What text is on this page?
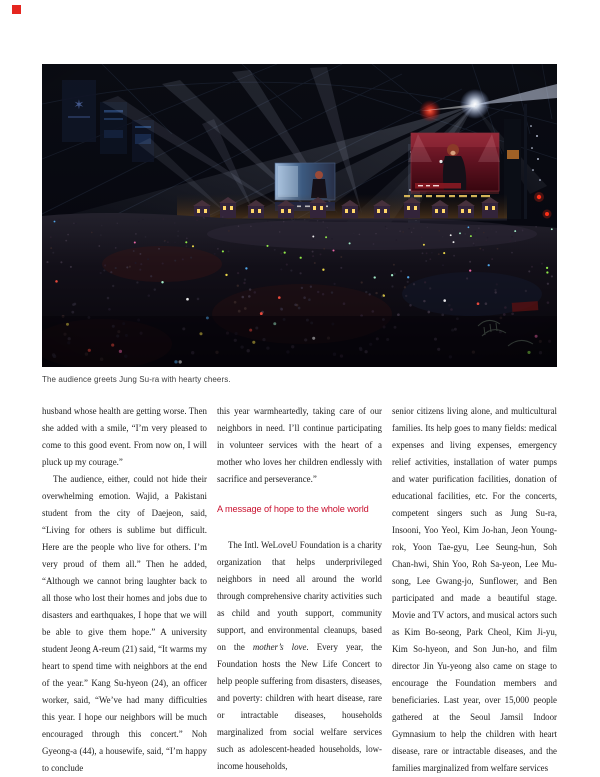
The audience greets Jung Su-ra with hearty cheers.

husband whose health are getting worse. Then she added with a smile, “I’m very pleased to come to this good event. From now on, I will pluck up my courage.”

The audience, either, could not hide their overwhelming emotion. Wajid, a Pakistani student from the city of Daejeon, said, “Living for others is sublime but difficult. Here are the people who live for others. I’m very proud of them all.” Then he added, “Although we cannot bring laughter back to all those who lost their homes and jobs due to disasters and earthquakes, I hope that we will be able to give them hope.” A university student Jeong A-reum (21) said, “It warms my heart to spend time with neighbors at the end of the year.” Kang Su-hyeon (24), an officer worker, said, “We’ve had many difficulties this year. I hope our neighbors will be much encouraged through this concert.” Noh Gyeong-a (44), a housewife, said, “I’m happy to conclude

this year warmheartedly, taking care of our neighbors in need. I’ll continue participating in volunteer services with the heart of a mother who loves her children endlessly with sacrifice and perseverance.”

A message of hope to the whole world

The Intl. WeLoveU Foundation is a charity organization that helps underprivileged neighbors in need all around the world through comprehensive charity activities such as child and youth support, community support, and environmental cleanups, based on the mother’s love. Every year, the Foundation hosts the New Life Concert to help people suffering from disasters, diseases, and poverty: children with heart disease, rare or intractable diseases, households marginalized from social welfare services such as adolescent-headed households, low-income households,

senior citizens living alone, and multicultural families. Its help goes to many fields: medical expenses and living expenses, emergency relief activities, installation of water pumps and water purification facilities, donation of educational facilities, etc. For the concerts, competent singers such as Jung Su-ra, Insooni, Yoo Yeol, Kim Jo-han, Jeon Young-rok, Yoon Tae-gyu, Lee Seung-hun, Soh Chan-hwi, Shin Yoo, Roh Sa-yeon, Lee Mu-song, Lee Gwang-jo, Sunflower, and Ben participated and made a beautiful stage. Movie and TV actors, and musical actors such as Kim Bo-seong, Park Cheol, Kim Ji-yu, Kim So-hyeon, and Son Jun-ho, and film director Jin Yu-yeong also came on stage to encourage the Foundation members and beneficiaries. Last year, over 15,000 people gathered at the Seoul Jamsil Indoor Gymnasium to help the children with heart disease, rare or intractable diseases, and the families marginalized from welfare services
